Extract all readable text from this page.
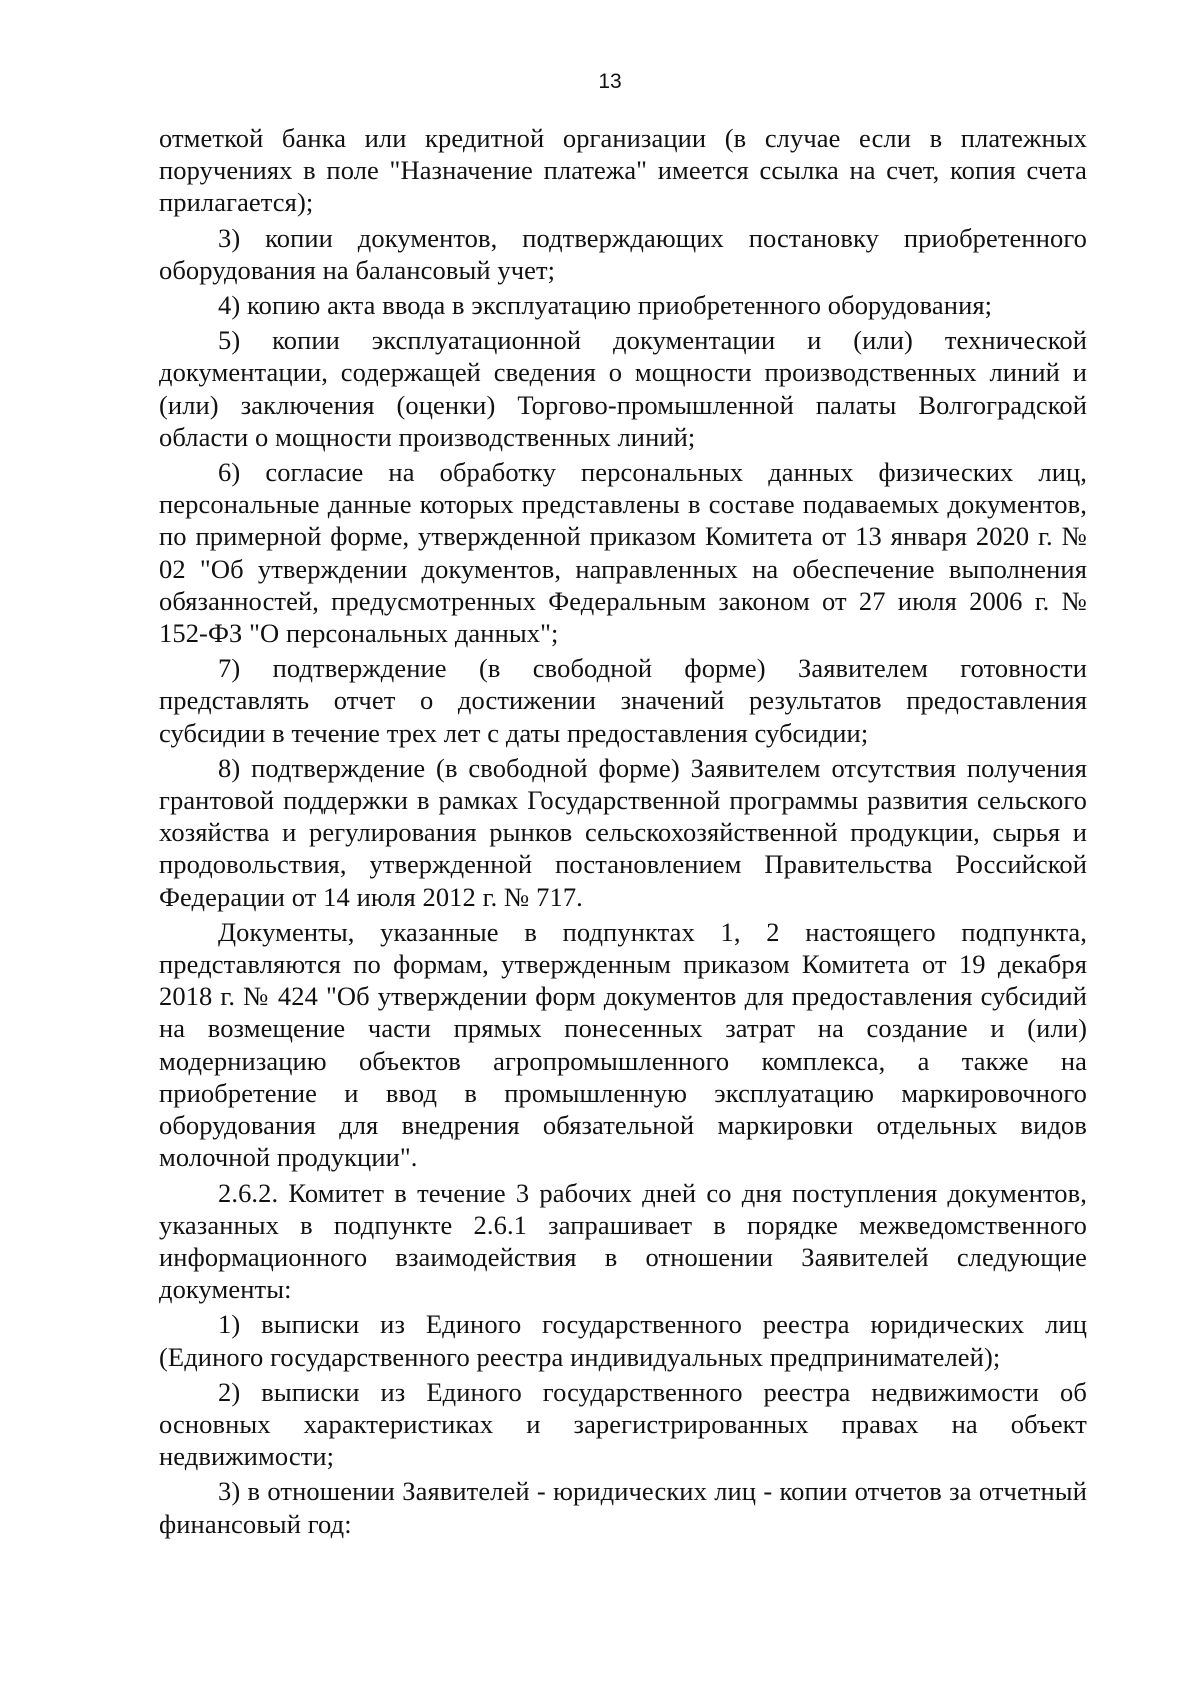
13

отметкой банка или кредитной организации (в случае если в платежных поручениях в поле "Назначение платежа" имеется ссылка на счет, копия счета прилагается);

3) копии документов, подтверждающих постановку приобретенного оборудования на балансовый учет;

4) копию акта ввода в эксплуатацию приобретенного оборудования;

5) копии эксплуатационной документации и (или) технической документации, содержащей сведения о мощности производственных линий и (или) заключения (оценки) Торгово-промышленной палаты Волгоградской области о мощности производственных линий;

6) согласие на обработку персональных данных физических лиц, персональные данные которых представлены в составе подаваемых документов, по примерной форме, утвержденной приказом Комитета от 13 января 2020 г. № 02 "Об утверждении документов, направленных на обеспечение выполнения обязанностей, предусмотренных Федеральным законом от 27 июля 2006 г. № 152-ФЗ "О персональных данных";

7) подтверждение (в свободной форме) Заявителем готовности представлять отчет о достижении значений результатов предоставления субсидии в течение трех лет с даты предоставления субсидии;

8) подтверждение (в свободной форме) Заявителем отсутствия получения грантовой поддержки в рамках Государственной программы развития сельского хозяйства и регулирования рынков сельскохозяйственной продукции, сырья и продовольствия, утвержденной постановлением Правительства Российской Федерации от 14 июля 2012 г. № 717.

Документы, указанные в подпунктах 1, 2 настоящего подпункта, представляются по формам, утвержденным приказом Комитета от 19 декабря 2018 г. № 424 "Об утверждении форм документов для предоставления субсидий на возмещение части прямых понесенных затрат на создание и (или) модернизацию объектов агропромышленного комплекса, а также на приобретение и ввод в промышленную эксплуатацию маркировочного оборудования для внедрения обязательной маркировки отдельных видов молочной продукции".

2.6.2. Комитет в течение 3 рабочих дней со дня поступления документов, указанных в подпункте 2.6.1 запрашивает в порядке межведомственного информационного взаимодействия в отношении Заявителей следующие документы:

1) выписки из Единого государственного реестра юридических лиц (Единого государственного реестра индивидуальных предпринимателей);

2) выписки из Единого государственного реестра недвижимости об основных характеристиках и зарегистрированных правах на объект недвижимости;

3) в отношении Заявителей - юридических лиц - копии отчетов за отчетный финансовый год:
